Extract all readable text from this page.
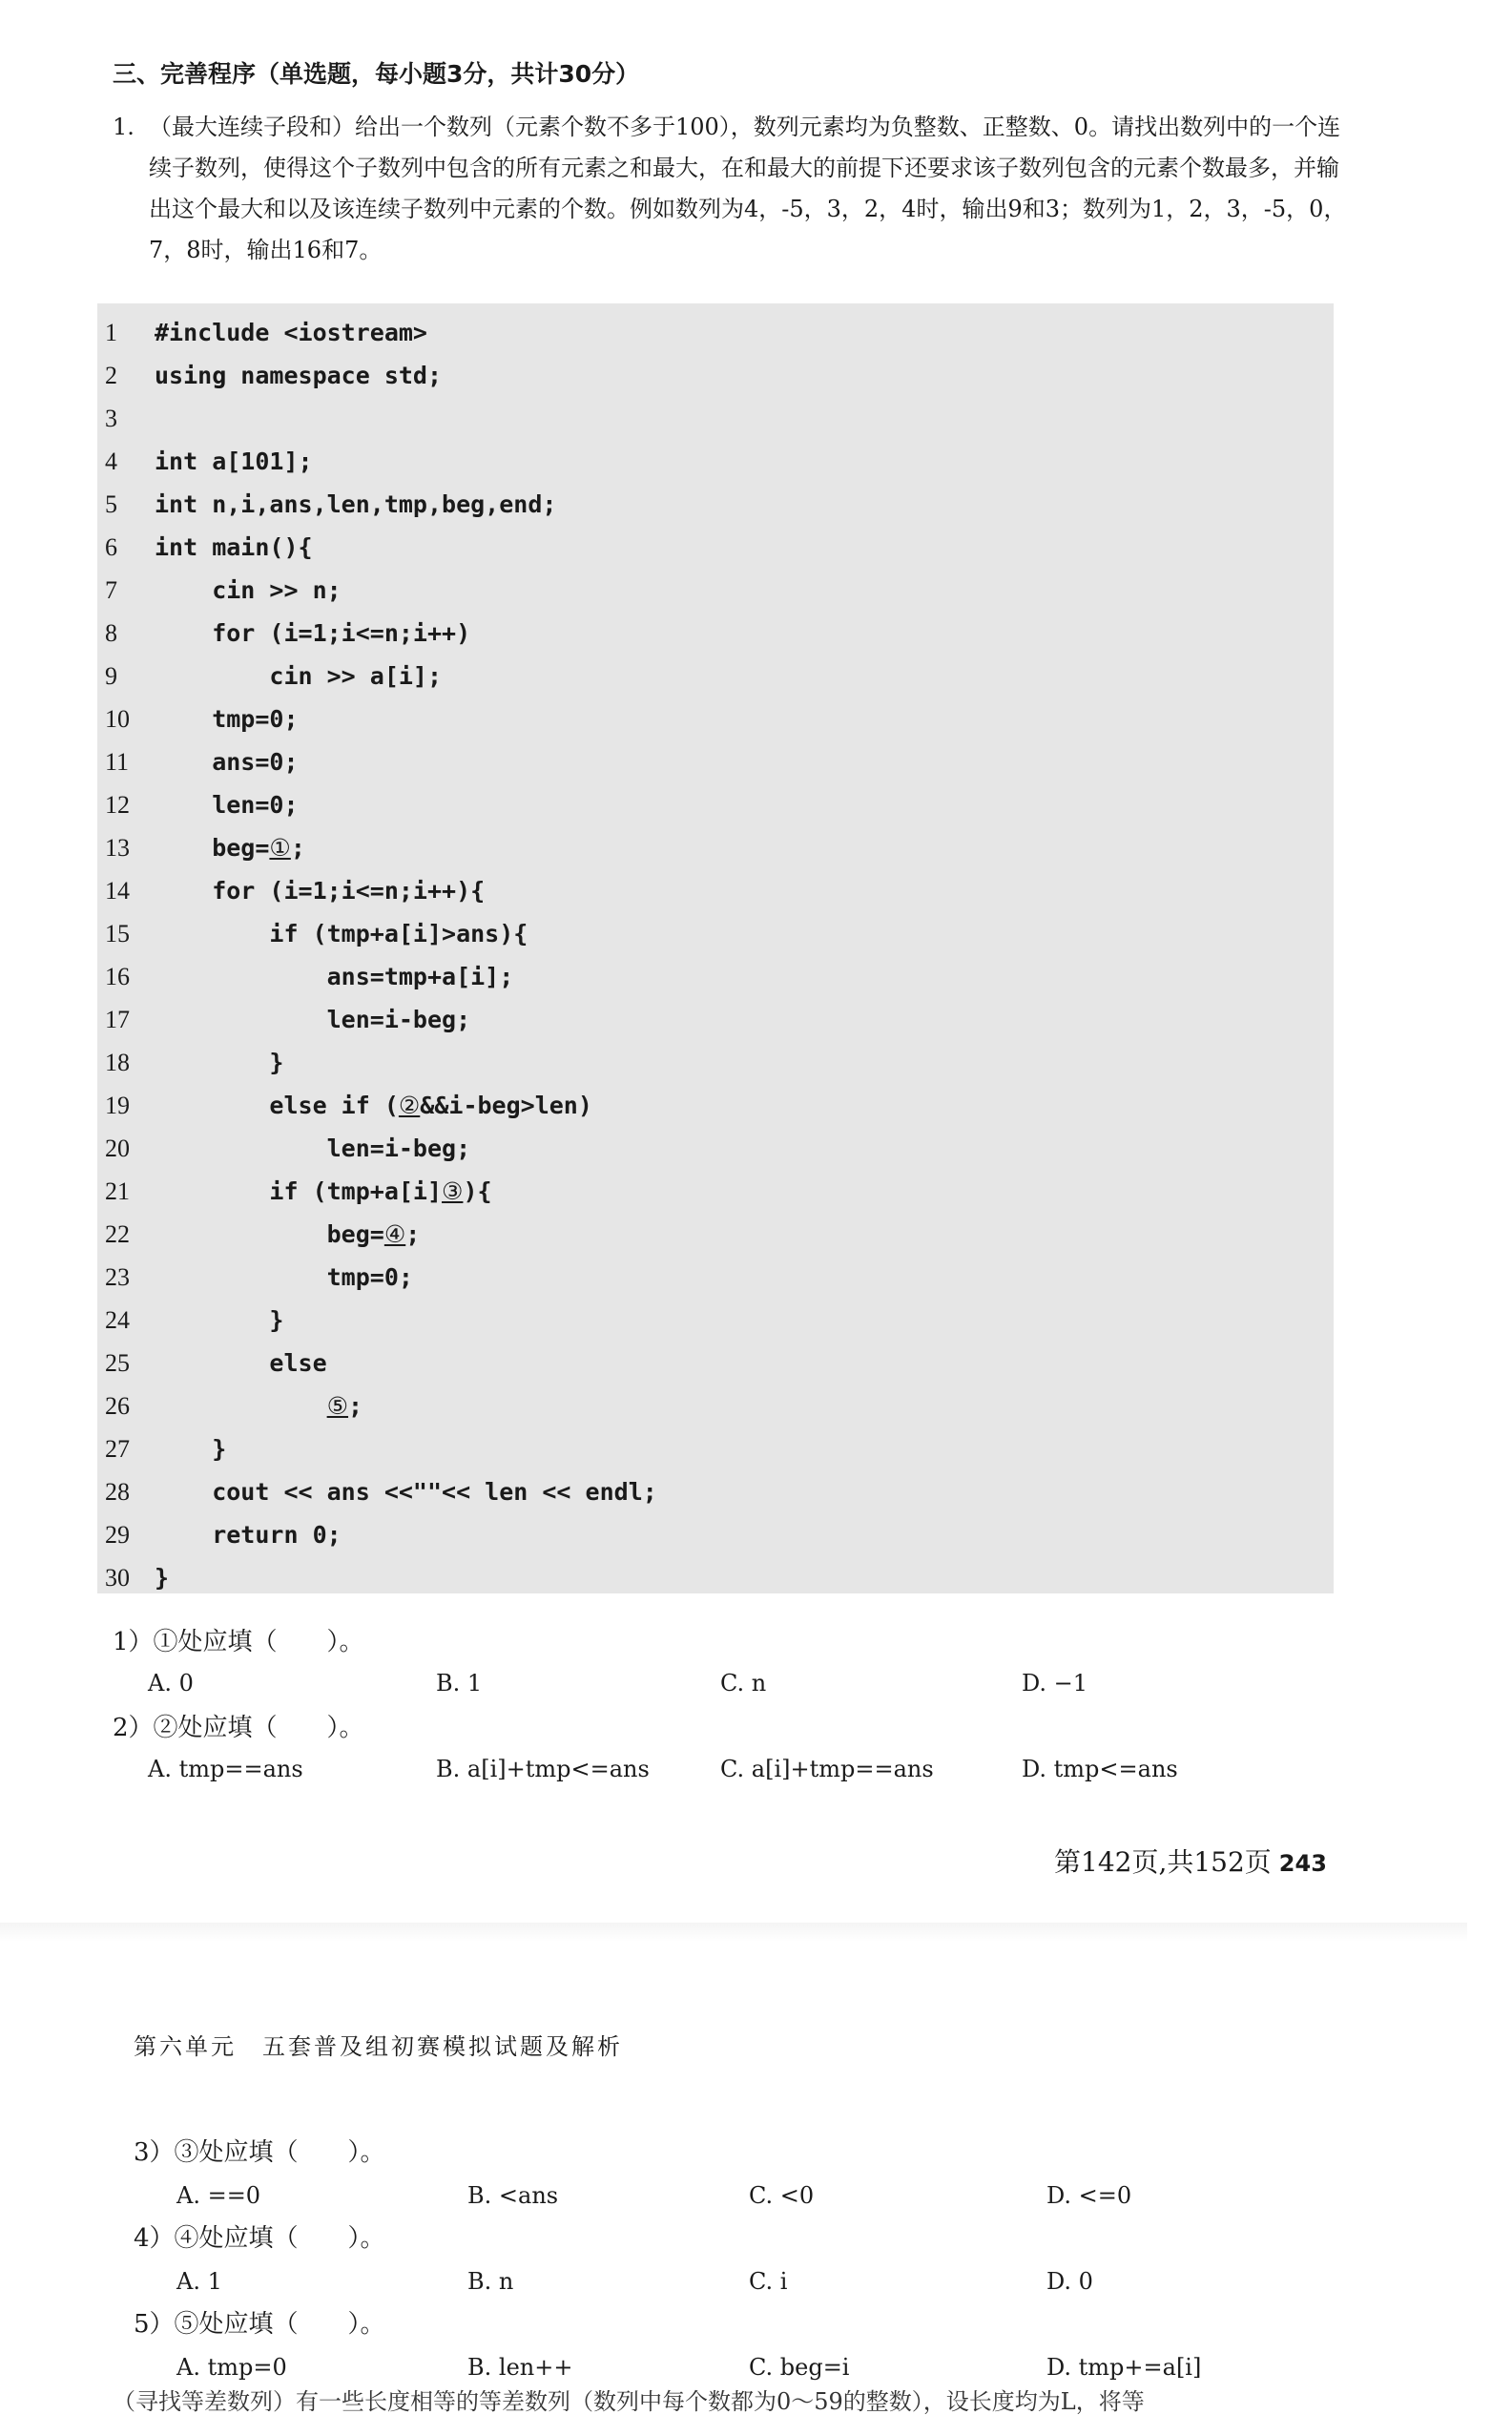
三、完善程序（单选题，每小题3分，共计30分）
1. （最大连续子段和）给出一个数列（元素个数不多于100），数列元素均为负整数、正整数、0。请找出数列中的一个连续子数列，使得这个子数列中包含的所有元素之和最大，在和最大的前提下还要求该子数列包含的元素个数最多，并输出这个最大和以及该连续子数列中元素的个数。例如数列为4，-5，3，2，4时，输出9和3；数列为1，2，3，-5，0，7，8时，输出16和7。
1	#include <iostream>
2	using namespace std;
3
4	int a[101];
5	int n,i,ans,len,tmp,beg,end;
6	int main(){
7	cin >> n;
8	for (i=1;i<=n;i++)
9	cin >> a[i];
10	tmp=0;
11	ans=0;
12	len=0;
13	beg=①;
14	for (i=1;i<=n;i++){
15	if (tmp+a[i]>ans){
16	ans=tmp+a[i];
17	len=i-beg;
18	}
19	else if (②&&i-beg>len)
20	len=i-beg;
21	if (tmp+a[i]③){
22	beg=④;
23	tmp=0;
24	}
25	else
26	⑤;
27	}
28	cout << ans <<""<< len << endl;
29	return 0;
30	}
1）①处应填（　　）。
A. 0	B. 1	C. n	D. −1
2）②处应填（　　）。
A. tmp==ans	B. a[i]+tmp<=ans	C. a[i]+tmp==ans	D. tmp<=ans
第142页,共152页 243
第六单元　五套普及组初赛模拟试题及解析
3）③处应填（　　）。
A. ==0	B. <ans	C. <0	D. <=0
4）④处应填（　　）。
A. 1	B. n	C. i	D. 0
5）⑤处应填（　　）。
A. tmp=0	B. len++	C. beg=i	D. tmp+=a[i]
（寻找等差数列）有一些长度相等的等差数列（数列中每个数都为0～59的整数），设长度均为L，将等
